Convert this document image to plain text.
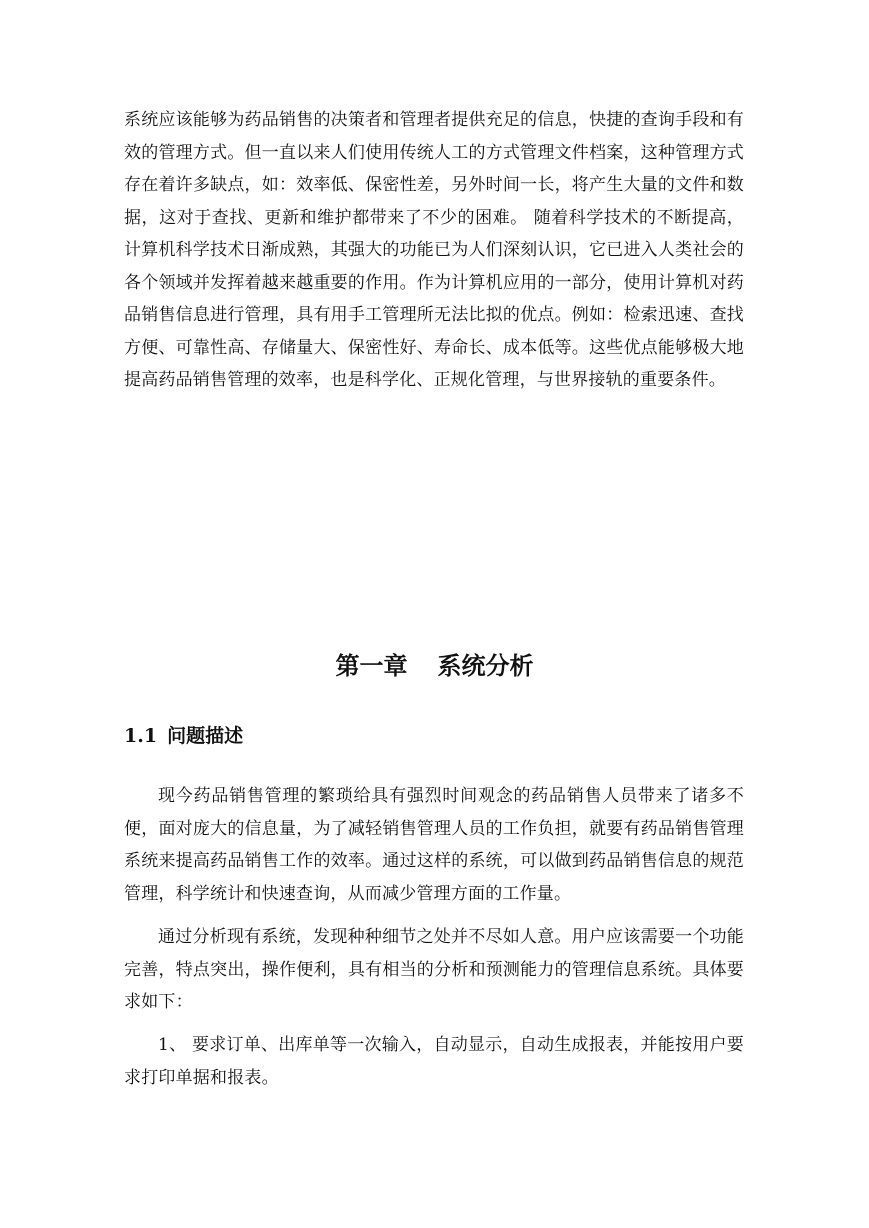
系统应该能够为药品销售的决策者和管理者提供充足的信息，快捷的查询手段和有效的管理方式。但一直以来人们使用传统人工的方式管理文件档案，这种管理方式存在着许多缺点，如：效率低、保密性差，另外时间一长，将产生大量的文件和数据，这对于查找、更新和维护都带来了不少的困难。 随着科学技术的不断提高，计算机科学技术日渐成熟，其强大的功能已为人们深刻认识，它已进入人类社会的各个领域并发挥着越来越重要的作用。作为计算机应用的一部分，使用计算机对药品销售信息进行管理，具有用手工管理所无法比拟的优点。例如：检索迅速、查找方便、可靠性高、存储量大、保密性好、寿命长、成本低等。这些优点能够极大地提高药品销售管理的效率，也是科学化、正规化管理，与世界接轨的重要条件。

第一章 系统分析
1.1 问题描述

现今药品销售管理的繁琐给具有强烈时间观念的药品销售人员带来了诸多不便，面对庞大的信息量，为了减轻销售管理人员的工作负担，就要有药品销售管理系统来提高药品销售工作的效率。通过这样的系统，可以做到药品销售信息的规范管理，科学统计和快速查询，从而减少管理方面的工作量。

通过分析现有系统，发现种种细节之处并不尽如人意。用户应该需要一个功能完善，特点突出，操作便利，具有相当的分析和预测能力的管理信息系统。具体要求如下：

1、 要求订单、出库单等一次输入，自动显示，自动生成报表，并能按用户要求打印单据和报表。
